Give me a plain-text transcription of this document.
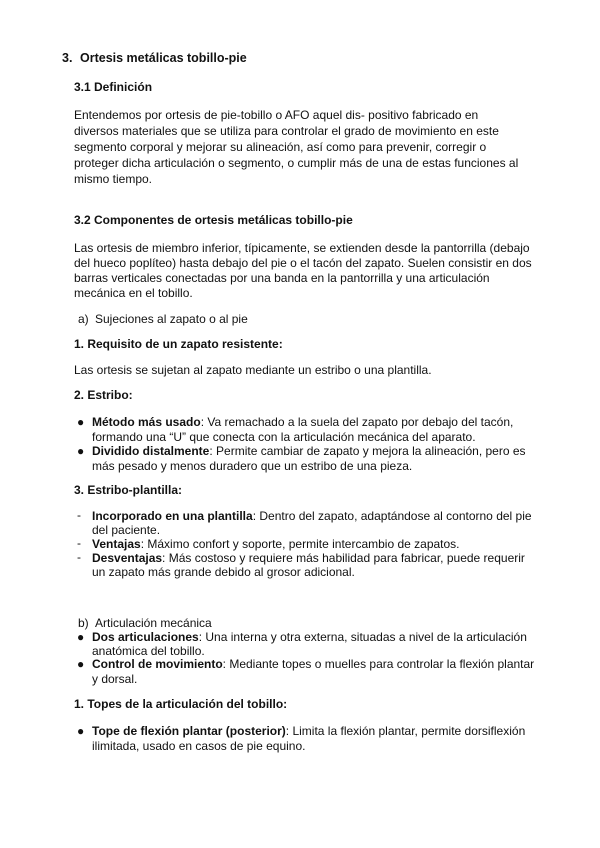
3. Ortesis metálicas tobillo-pie
3.1 Definición
Entendemos por ortesis de pie-tobillo o AFO aquel dis- positivo fabricado en
diversos materiales que se utiliza para controlar el grado de movimiento en este
segmento corporal y mejorar su alineación, así como para prevenir, corregir o
proteger dicha articulación o segmento, o cumplir más de una de estas funciones al
mismo tiempo.
3.2 Componentes de ortesis metálicas tobillo-pie
Las ortesis de miembro inferior, típicamente, se extienden desde la pantorrilla (debajo
del hueco poplíteo) hasta debajo del pie o el tacón del zapato. Suelen consistir en dos
barras verticales conectadas por una banda en la pantorrilla y una articulación
mecánica en el tobillo.
a) Sujeciones al zapato o al pie
1. Requisito de un zapato resistente:
Las ortesis se sujetan al zapato mediante un estribo o una plantilla.
2. Estribo:
● Método más usado: Va remachado a la suela del zapato por debajo del tacón,
formando una “U” que conecta con la articulación mecánica del aparato.
● Dividido distalmente: Permite cambiar de zapato y mejora la alineación, pero es
más pesado y menos duradero que un estribo de una pieza.
3. Estribo-plantilla:
- Incorporado en una plantilla: Dentro del zapato, adaptándose al contorno del pie
del paciente.
- Ventajas: Máximo confort y soporte, permite intercambio de zapatos.
- Desventajas: Más costoso y requiere más habilidad para fabricar, puede requerir
un zapato más grande debido al grosor adicional.
b) Articulación mecánica
● Dos articulaciones: Una interna y otra externa, situadas a nivel de la articulación
anatómica del tobillo.
● Control de movimiento: Mediante topes o muelles para controlar la flexión plantar
y dorsal.
1. Topes de la articulación del tobillo:
● Tope de flexión plantar (posterior): Limita la flexión plantar, permite dorsiflexión
ilimitada, usado en casos de pie equino.
